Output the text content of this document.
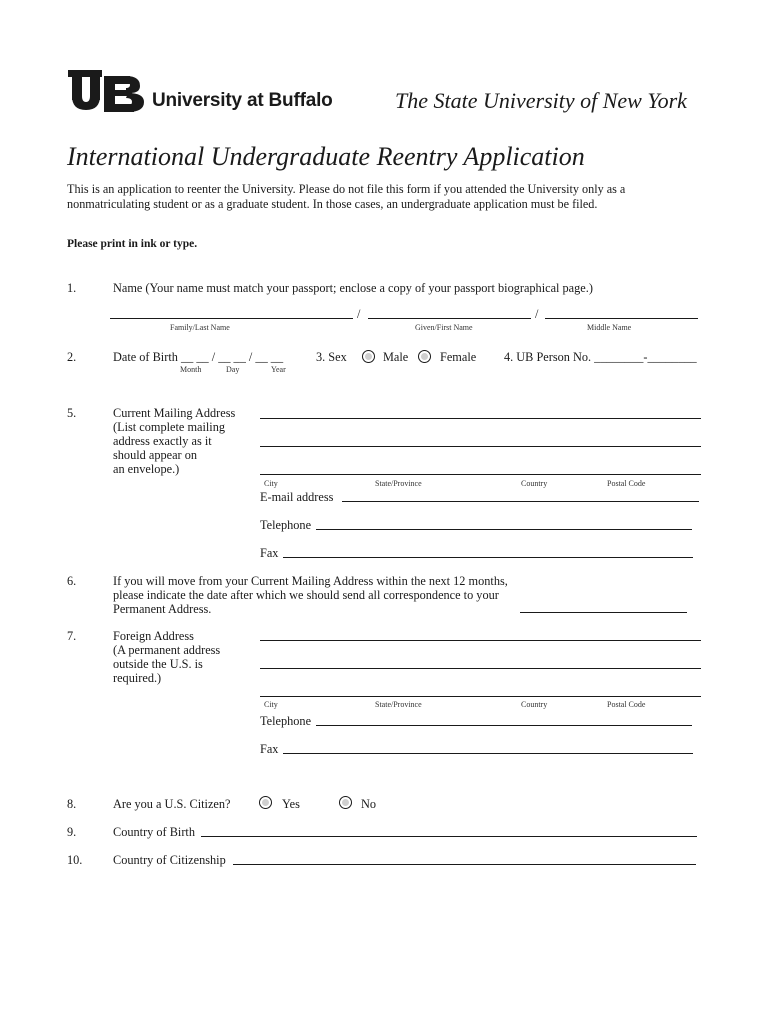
University at Buffalo	The State University of New York
International Undergraduate Reentry Application
This is an application to reenter the University. Please do not file this form if you attended the University only as a
nonmatriculating student or as a graduate student. In those cases, an undergraduate application must be filed.
Please print in ink or type.
1.	Name (Your name must match your passport; enclose a copy of your passport biographical page.)
/	/
Family/Last Name	Given/First Name	Middle Name
2.	Date of Birth __ __ / __ __ / __ __
Month	Day	Year
3. Sex	Male	Female 4. UB Person No. ________-________
5.	Current Mailing Address
(List complete mailing
address exactly as it
should appear on
an envelope.)
City	State/Province	Country	Postal Code
E-mail address
Telephone
Fax
6.	If you will move from your Current Mailing Address within the next 12 months,
please indicate the date after which we should send all correspondence to your
Permanent Address.
7.	Foreign Address
(A permanent address
outside the U.S. is
required.)
City	State/Province	Country	Postal Code
Telephone
Fax
8.	Are you a U.S. Citizen?	Yes	No
9.	Country of Birth
10. Country of Citizenship
